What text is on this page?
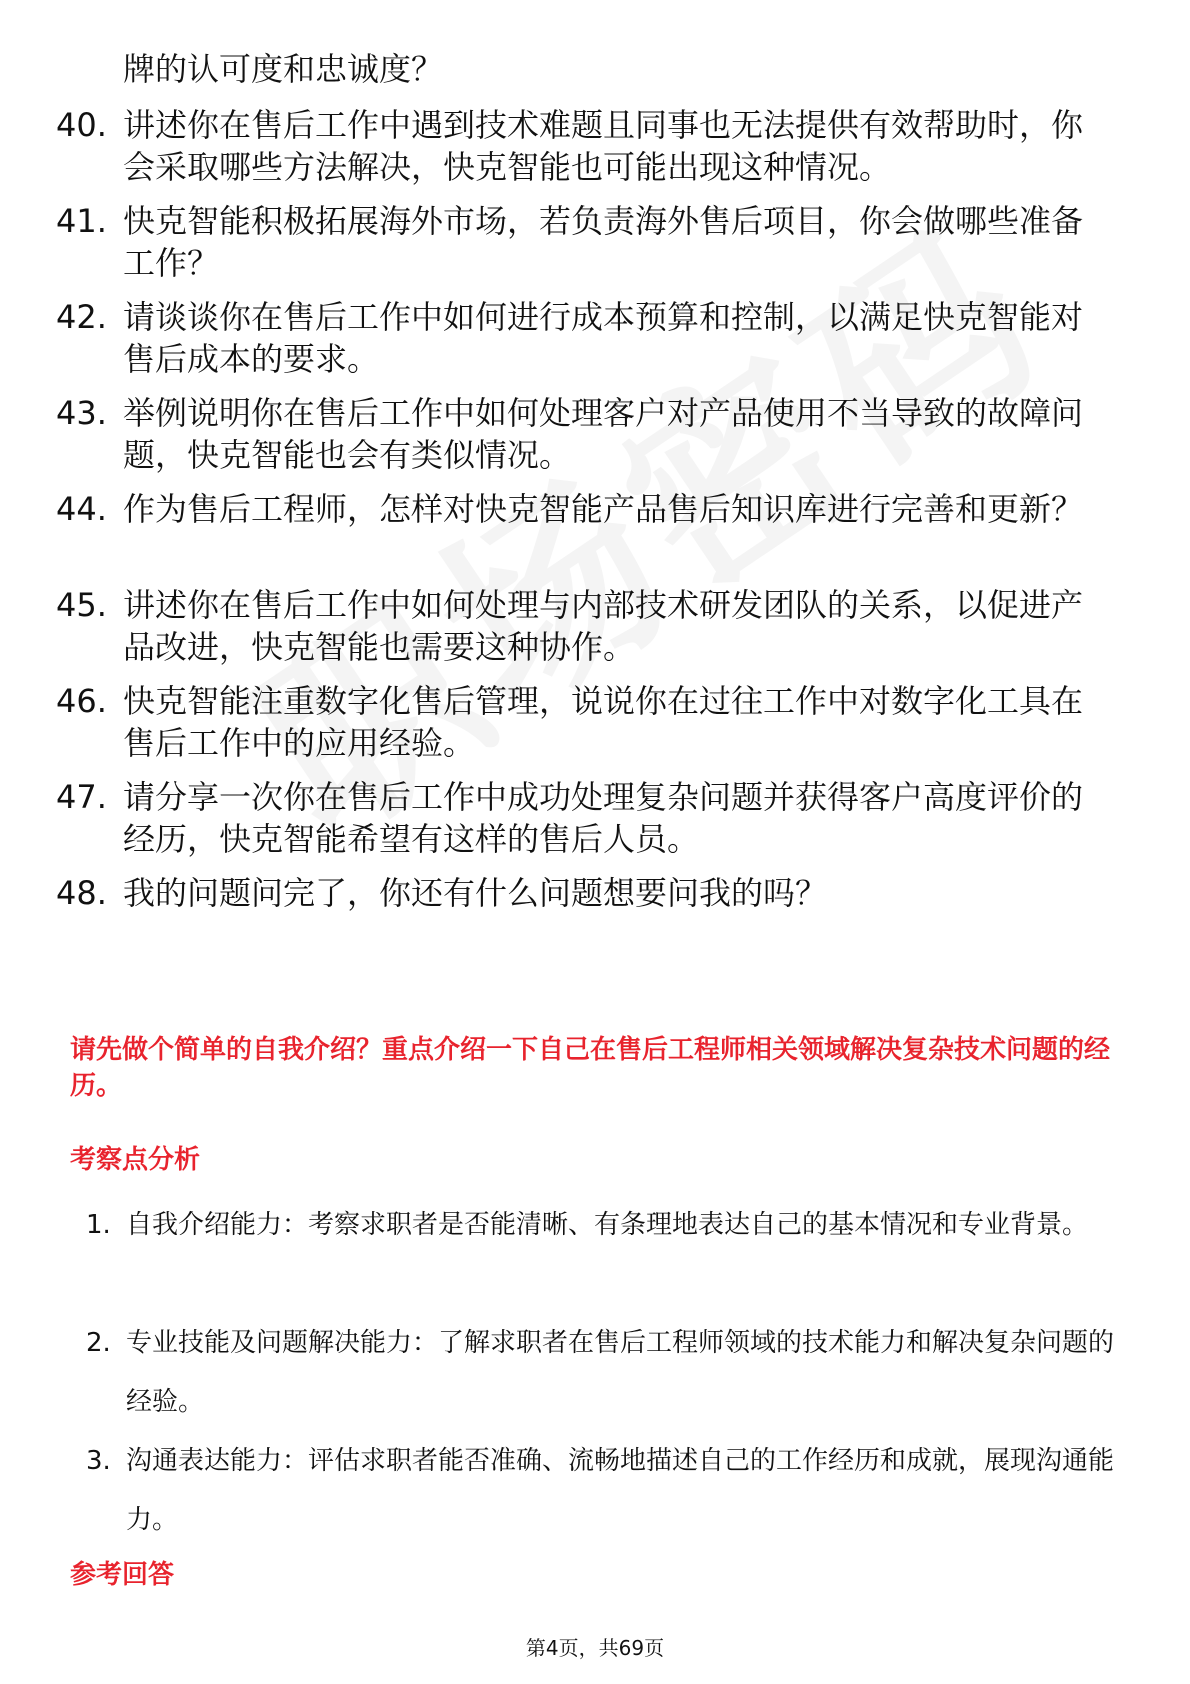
牌的认可度和忠诚度？
40. 讲述你在售后工作中遇到技术难题且同事也无法提供有效帮助时，你会采取哪些方法解决，快克智能也可能出现这种情况。
41. 快克智能积极拓展海外市场，若负责海外售后项目，你会做哪些准备工作？
42. 请谈谈你在售后工作中如何进行成本预算和控制，以满足快克智能对售后成本的要求。
43. 举例说明你在售后工作中如何处理客户对产品使用不当导致的故障问题，快克智能也会有类似情况。
44. 作为售后工程师，怎样对快克智能产品售后知识库进行完善和更新？
45. 讲述你在售后工作中如何处理与内部技术研发团队的关系，以促进产品改进，快克智能也需要这种协作。
46. 快克智能注重数字化售后管理，说说你在过往工作中对数字化工具在售后工作中的应用经验。
47. 请分享一次你在售后工作中成功处理复杂问题并获得客户高度评价的经历，快克智能希望有这样的售后人员。
48. 我的问题问完了，你还有什么问题想要问我的吗？
请先做个简单的自我介绍？重点介绍一下自己在售后工程师相关领域解决复杂技术问题的经历。
考察点分析
1. 自我介绍能力：考察求职者是否能清晰、有条理地表达自己的基本情况和专业背景。
2. 专业技能及问题解决能力：了解求职者在售后工程师领域的技术能力和解决复杂问题的经验。
3. 沟通表达能力：评估求职者能否准确、流畅地描述自己的工作经历和成就，展现沟通能力。
参考回答
第4页，共69页
